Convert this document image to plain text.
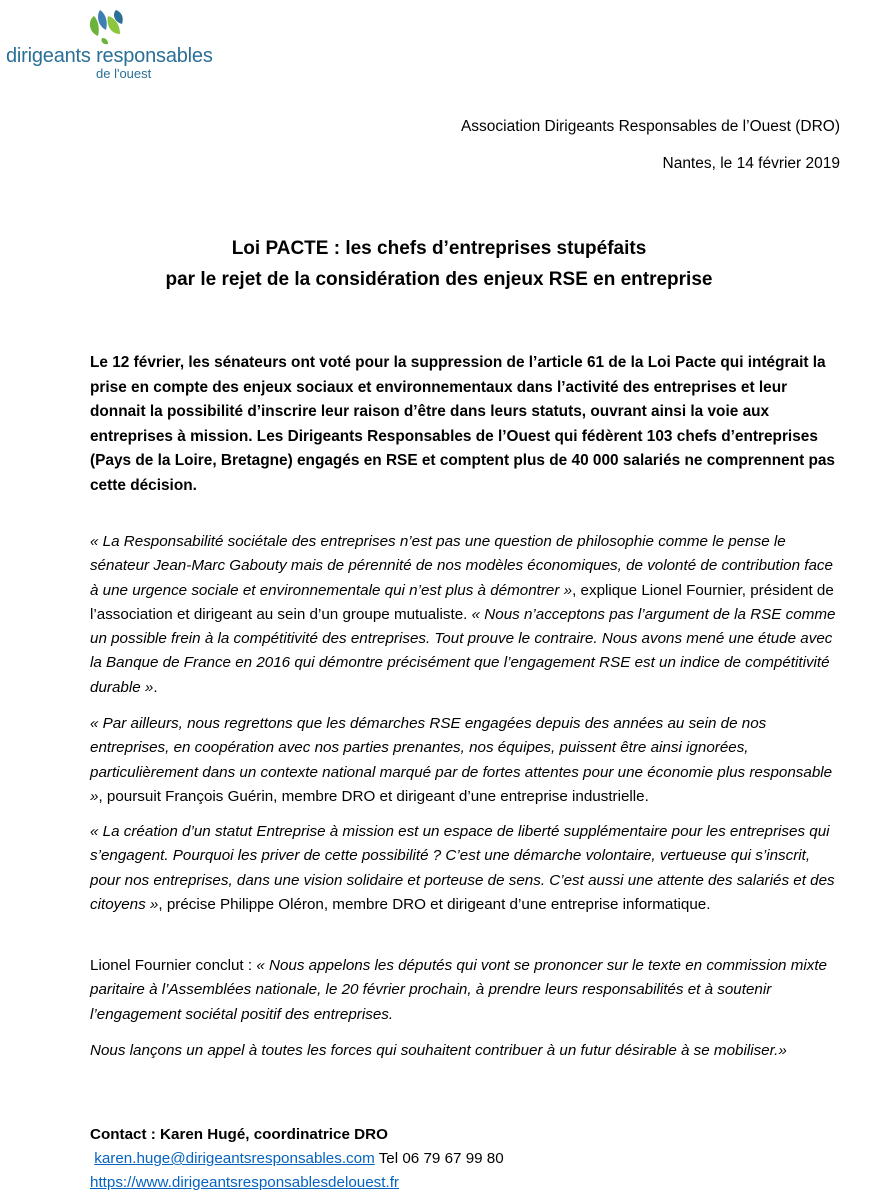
dirigeants responsables
de l'ouest
Association Dirigeants Responsables de l’Ouest (DRO)
Nantes, le 14 février 2019
Loi PACTE : les chefs d’entreprises stupéfaits
par le rejet de la considération des enjeux RSE en entreprise
Le 12 février, les sénateurs ont voté pour la suppression de l’article 61 de la Loi Pacte qui intégrait la prise en compte des enjeux sociaux et environnementaux dans l’activité des entreprises et leur donnait la possibilité d’inscrire leur raison d’être dans leurs statuts, ouvrant ainsi la voie aux entreprises à mission. Les Dirigeants Responsables de l’Ouest qui fédèrent 103 chefs d’entreprises (Pays de la Loire, Bretagne) engagés en RSE et comptent plus de 40 000 salariés ne comprennent pas cette décision.
« La Responsabilité sociétale des entreprises n’est pas une question de philosophie comme le pense le sénateur Jean-Marc Gabouty mais de pérennité de nos modèles économiques, de volonté de contribution face à une urgence sociale et environnementale qui n’est plus à démontrer », explique Lionel Fournier, président de l’association et dirigeant au sein d’un groupe mutualiste. « Nous n’acceptons pas l’argument de la RSE comme un possible frein à la compétitivité des entreprises. Tout prouve le contraire. Nous avons mené une étude avec la Banque de France en 2016 qui démontre précisément que l’engagement RSE est un indice de compétitivité durable ».
« Par ailleurs, nous regrettons que les démarches RSE engagées depuis des années au sein de nos entreprises, en coopération avec nos parties prenantes, nos équipes, puissent être ainsi ignorées, particulièrement dans un contexte national marqué par de fortes attentes pour une économie plus responsable », poursuit François Guérin, membre DRO et dirigeant d’une entreprise industrielle.
« La création d’un statut Entreprise à mission est un espace de liberté supplémentaire pour les entreprises qui s’engagent. Pourquoi les priver de cette possibilité ? C’est une démarche volontaire, vertueuse qui s’inscrit, pour nos entreprises, dans une vision solidaire et porteuse de sens. C’est aussi une attente des salariés et des citoyens », précise Philippe Oléron, membre DRO et dirigeant d’une entreprise informatique.
Lionel Fournier conclut : « Nous appelons les députés qui vont se prononcer sur le texte en commission mixte paritaire à l’Assemblées nationale, le 20 février prochain, à prendre leurs responsabilités et à soutenir l’engagement sociétal positif des entreprises.
Nous lançons un appel à toutes les forces qui souhaitent contribuer à un futur désirable à se mobiliser.»
Contact : Karen Hugé, coordinatrice DRO
karen.huge@dirigeantsresponsables.com Tel 06 79 67 99 80
https://www.dirigeantsresponsablesdelouest.fr
